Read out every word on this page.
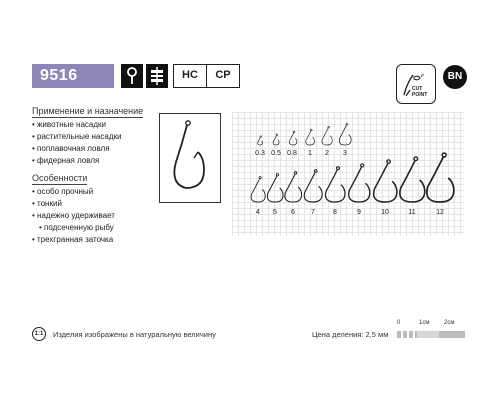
9516	HC	CP
CUT
POINT
BN
Применение и назначение
• живoтные насадки
• растительные насадки
• поплавочная ловля
• фидерная ловля
Особенности
• особо прочный
• тонкий
• надежно удерживает
• подсеченную рыбу
• трехгранная заточка
0.3 0.5 0.8	1	2	3
4	5	6	7	8	9	10	11	12
1:1	Изделия изображены в натуральную величину	Цена деления: 2,5 мм
0	1см 2см
